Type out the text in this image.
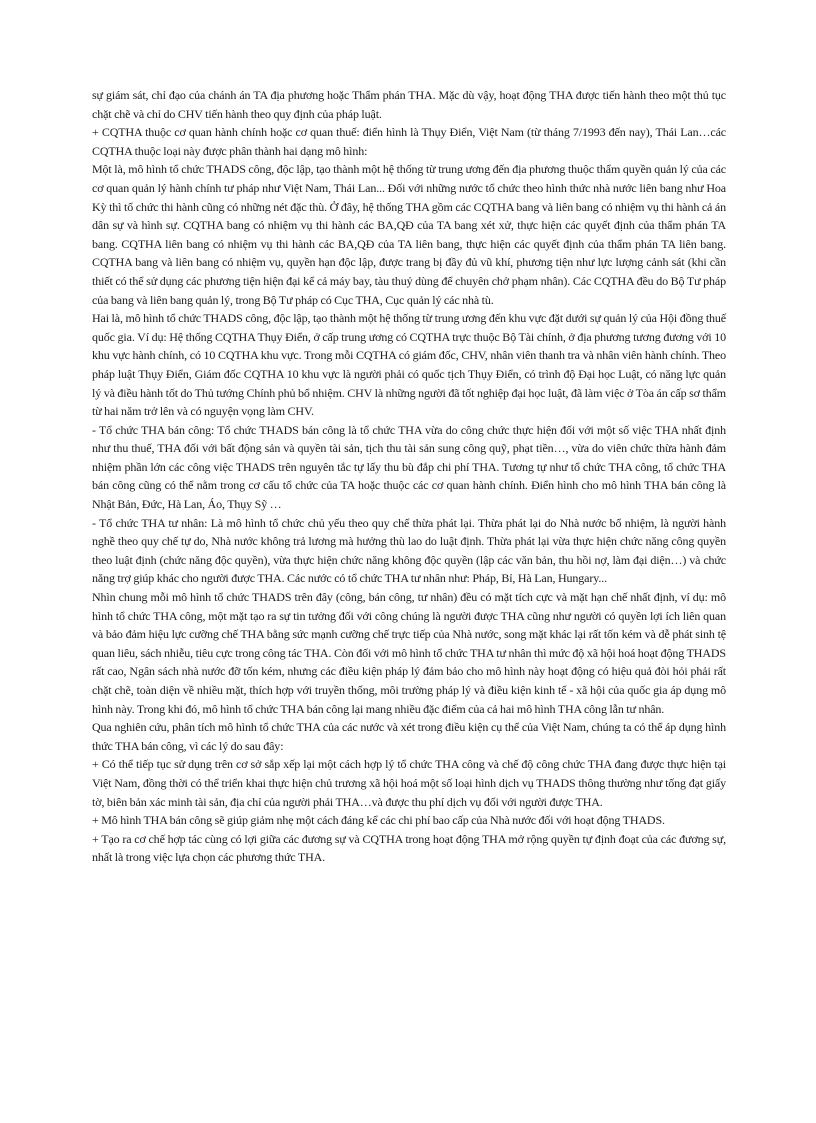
sự giám sát, chỉ đạo của chánh án TA địa phương hoặc Thẩm phán THA. Mặc dù vậy, hoạt động THA được tiến hành theo một thủ tục chặt chẽ và chỉ do CHV tiến hành theo quy định của pháp luật.

+ CQTHA thuộc cơ quan hành chính hoặc cơ quan thuế: điển hình là Thụy Điển, Việt Nam (từ tháng 7/1993 đến nay), Thái Lan…các CQTHA thuộc loại này được phân thành hai dạng mô hình:

Một là, mô hình tổ chức THADS công, độc lập, tạo thành một hệ thống từ trung ương đến địa phương thuộc thẩm quyền quản lý của các cơ quan quản lý hành chính tư pháp như Việt Nam, Thái Lan... Đối với những nước tổ chức theo hình thức nhà nước liên bang như Hoa Kỳ thì tổ chức thi hành cũng có những nét đặc thù. Ở đây, hệ thống THA gồm các CQTHA bang và liên bang có nhiệm vụ thi hành cả án dân sự và hình sự. CQTHA bang có nhiệm vụ thi hành các BA,QĐ của TA bang xét xử, thực hiện các quyết định của thẩm phán TA bang. CQTHA liên bang có nhiệm vụ thi hành các BA,QĐ của TA liên bang, thực hiện các quyết định của thẩm phán TA liên bang. CQTHA bang và liên bang có nhiệm vụ, quyền hạn độc lập, được trang bị đầy đủ vũ khí, phương tiện như lực lượng cảnh sát (khi cần thiết có thể sử dụng các phương tiện hiện đại kể cả máy bay, tàu thuỷ dùng để chuyên chở phạm nhân). Các CQTHA đều do Bộ Tư pháp của bang và liên bang quản lý, trong Bộ Tư pháp có Cục THA, Cục quản lý các nhà tù.

Hai là, mô hình tổ chức THADS công, độc lập, tạo thành một hệ thống từ trung ương đến khu vực đặt dưới sự quản lý của Hội đồng thuế quốc gia. Ví dụ: Hệ thống CQTHA Thụy Điển, ở cấp trung ương có CQTHA trực thuộc Bộ Tài chính, ở địa phương tương đương với 10 khu vực hành chính, có 10 CQTHA khu vực. Trong mỗi CQTHA có giám đốc, CHV, nhân viên thanh tra và nhân viên hành chính. Theo pháp luật Thụy Điển, Giám đốc CQTHA 10 khu vực là người phải có quốc tịch Thụy Điển, có trình độ Đại học Luật, có năng lực quản lý và điều hành tốt do Thủ tướng Chính phủ bổ nhiệm. CHV là những người đã tốt nghiệp đại học luật, đã làm việc ở Tòa án cấp sơ thẩm từ hai năm trở lên và có nguyện vọng làm CHV.

- Tổ chức THA bán công: Tổ chức THADS bán công là tổ chức THA vừa do công chức thực hiện đối với một số việc THA nhất định như thu thuế, THA đối với bất động sản và quyền tài sản, tịch thu tài sản sung công quỹ, phạt tiền…, vừa do viên chức thừa hành đảm nhiệm phần lớn các công việc THADS trên nguyên tắc tự lấy thu bù đắp chi phí THA. Tương tự như tổ chức THA công, tổ chức THA bán công cũng có thể nằm trong cơ cấu tổ chức của TA hoặc thuộc các cơ quan hành chính. Điển hình cho mô hình THA bán công là Nhật Bản, Đức, Hà Lan, Áo, Thụy Sỹ …

- Tổ chức THA tư nhân: Là mô hình tổ chức chủ yếu theo quy chế thừa phát lại. Thừa phát lại do Nhà nước bổ nhiệm, là người hành nghề theo quy chế tự do, Nhà nước không trả lương mà hưởng thù lao do luật định. Thừa phát lại vừa thực hiện chức năng công quyền theo luật định (chức năng độc quyền), vừa thực hiện chức năng không độc quyền (lập các văn bản, thu hồi nợ, làm đại diện…) và chức năng trợ giúp khác cho người được THA. Các nước có tổ chức THA tư nhân như: Pháp, Bỉ, Hà Lan, Hungary...

Nhìn chung mỗi mô hình tổ chức THADS trên đây (công, bán công, tư nhân) đều có mặt tích cực và mặt hạn chế nhất định, ví dụ: mô hình tổ chức THA công, một mặt tạo ra sự tin tưởng đối với công chúng là người được THA cũng như người có quyền lợi ích liên quan và bảo đảm hiệu lực cưỡng chế THA bằng sức mạnh cưỡng chế trực tiếp của Nhà nước, song mặt khác lại rất tốn kém và dễ phát sinh tệ quan liêu, sách nhiễu, tiêu cực trong công tác THA. Còn đối với mô hình tổ chức THA tư nhân thì mức độ xã hội hoá hoạt động THADS rất cao, Ngân sách nhà nước đỡ tốn kém, nhưng các điều kiện pháp lý đảm bảo cho mô hình này hoạt động có hiệu quả đòi hỏi phải rất chặt chẽ, toàn diện về nhiều mặt, thích hợp với truyền thống, môi trường pháp lý và điều kiện kinh tế - xã hội của quốc gia áp dụng mô hình này. Trong khi đó, mô hình tổ chức THA bán công lại mang nhiều đặc điểm của cả hai mô hình THA công lẫn tư nhân.

Qua nghiên cứu, phân tích mô hình tổ chức THA của các nước và xét trong điều kiện cụ thể của Việt Nam, chúng ta có thể áp dụng hình thức THA bán công, vì các lý do sau đây:

+ Có thể tiếp tục sử dụng trên cơ sở sắp xếp lại một cách hợp lý tổ chức THA công và chế độ công chức THA đang được thực hiện tại Việt Nam, đồng thời có thể triển khai thực hiện chủ trương xã hội hoá một số loại hình dịch vụ THADS thông thường như tống đạt giấy tờ, biên bản xác minh tài sản, địa chỉ của người phải THA…và được thu phí dịch vụ đối với người được THA.

+ Mô hình THA bán công sẽ giúp giảm nhẹ một cách đáng kể các chi phí bao cấp của Nhà nước đối với hoạt động THADS.

+ Tạo ra cơ chế hợp tác cùng có lợi giữa các đương sự và CQTHA trong hoạt động THA mở rộng quyền tự định đoạt của các đương sự, nhất là trong việc lựa chọn các phương thức THA.
